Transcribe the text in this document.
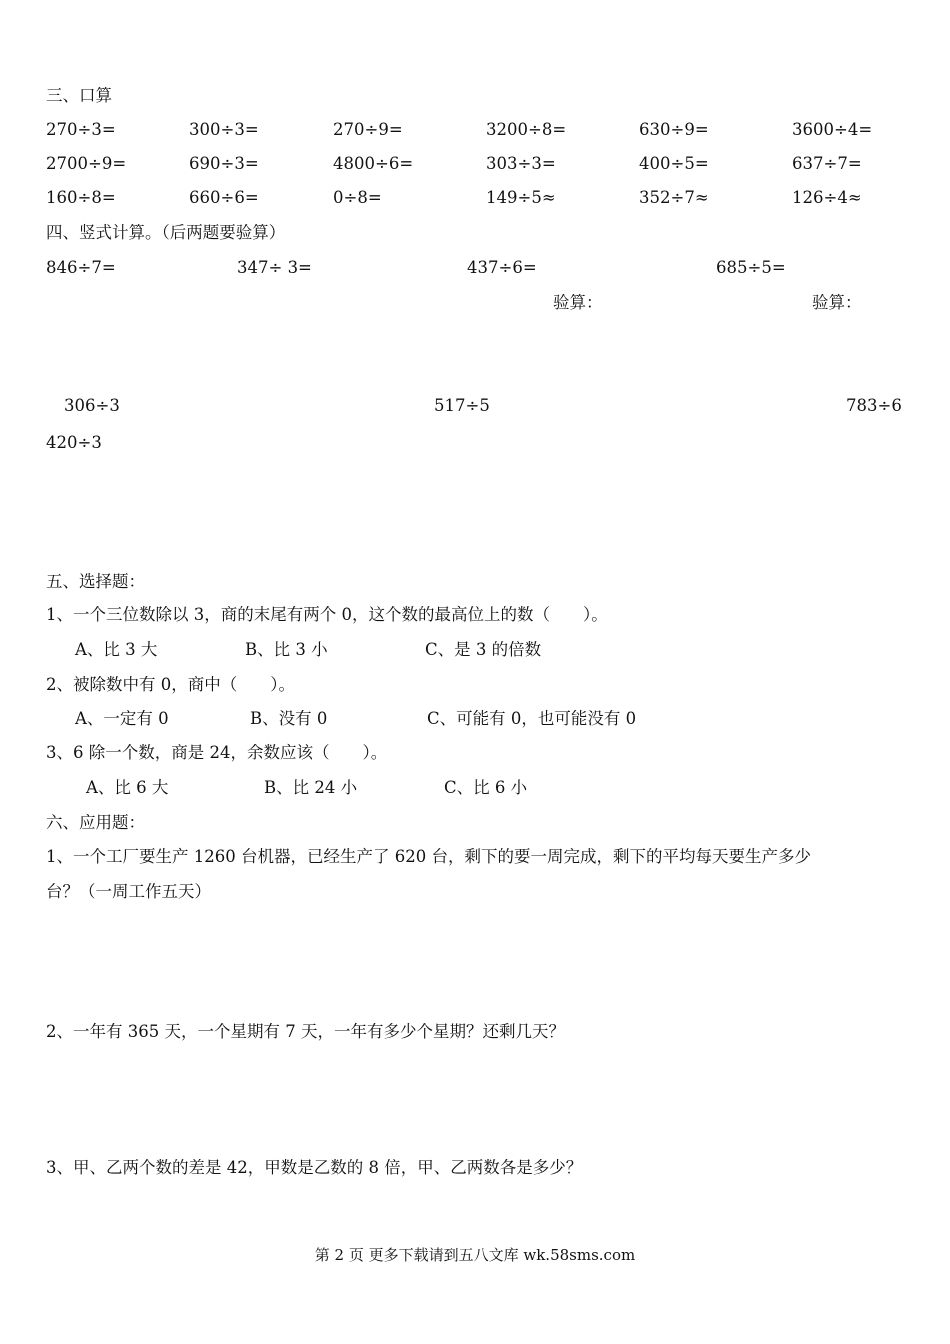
三、口算
270÷3=	300÷3=	270÷9=	3200÷8=	630÷9=	3600÷4=
2700÷9=	690÷3=	4800÷6=	303÷3=	400÷5=	637÷7=
160÷8=	660÷6=	0÷8=	149÷5≈	352÷7≈	126÷4≈
四、竖式计算。（后两题要验算）
846÷7=	347÷ 3=	437÷6=	685÷5=
验算：	验算：
306÷3	517÷5	783÷6
420÷3
五、选择题：
1、一个三位数除以 3，商的末尾有两个 0，这个数的最高位上的数（　　）。
A、比 3 大	B、比 3 小	C、是 3 的倍数
2、被除数中有 0，商中（　　）。
A、一定有 0	B、没有 0	C、可能有 0，也可能没有 0
3、6 除一个数，商是 24，余数应该（　　）。
A、比 6 大	B、比 24 小	C、比 6 小
六、应用题：
1、一个工厂要生产 1260 台机器，已经生产了 620 台，剩下的要一周完成，剩下的平均每天要生产多少
台？（一周工作五天）
2、一年有 365 天，一个星期有 7 天，一年有多少个星期？还剩几天？
3、甲、乙两个数的差是 42，甲数是乙数的 8 倍，甲、乙两数各是多少？
第 2 页 更多下载请到五八文库 wk.58sms.com
